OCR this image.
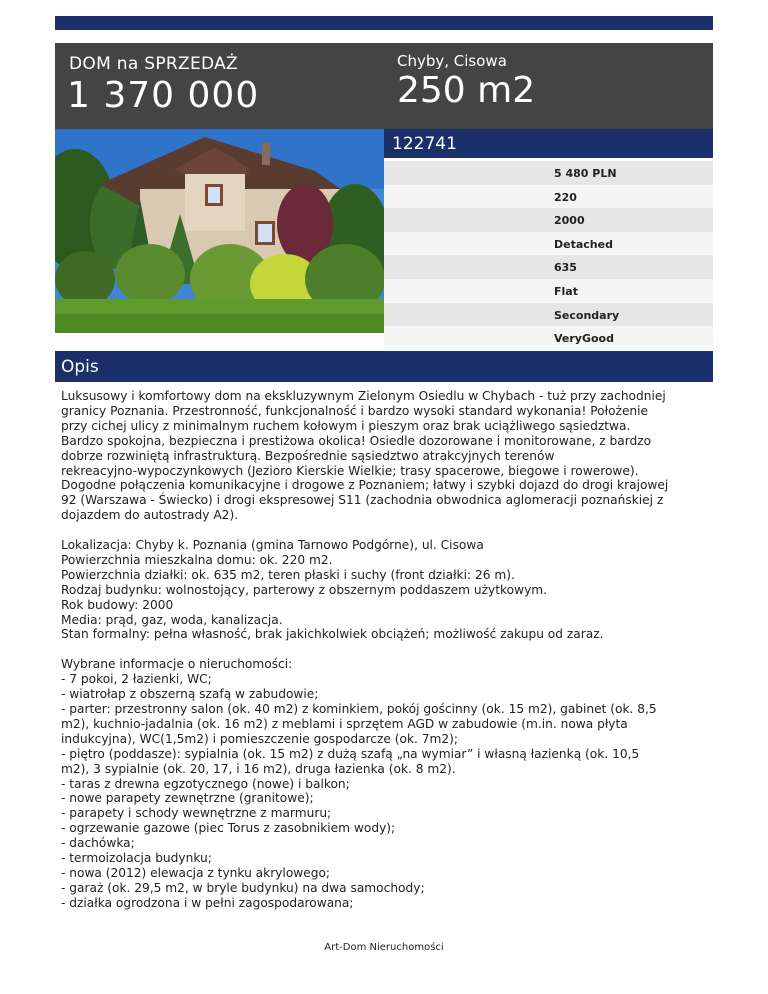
DOM na SPRZEDAŻ
1 370 000
Chyby, Cisowa
250 m2
122741
5 480 PLN
220
2000
Detached
635
Flat
Secondary
VeryGood
Opis

Luksusowy i komfortowy dom na ekskluzywnym Zielonym Osiedlu w Chybach - tuż przy zachodniej

granicy Poznania. Przestronność, funkcjonalność i bardzo wysoki standard wykonania! Położenie

przy cichej ulicy z minimalnym ruchem kołowym i pieszym oraz brak uciążliwego sąsiedztwa.

Bardzo spokojna, bezpieczna i prestiżowa okolica! Osiedle dozorowane i monitorowane, z bardzo

dobrze rozwiniętą infrastrukturą. Bezpośrednie sąsiedztwo atrakcyjnych terenów

rekreacyjno-wypoczynkowych (Jezioro Kierskie Wielkie; trasy spacerowe, biegowe i rowerowe).

Dogodne połączenia komunikacyjne i drogowe z Poznaniem; łatwy i szybki dojazd do drogi krajowej

92 (Warszawa - Świecko) i drogi ekspresowej S11 (zachodnia obwodnica aglomeracji poznańskiej z

dojazdem do autostrady A2).

Lokalizacja: Chyby k. Poznania (gmina Tarnowo Podgórne), ul. Cisowa

Powierzchnia mieszkalna domu: ok. 220 m2.

Powierzchnia działki: ok. 635 m2, teren płaski i suchy (front działki: 26 m).

Rodzaj budynku: wolnostojący, parterowy z obszernym poddaszem użytkowym.

Rok budowy: 2000

Media: prąd, gaz, woda, kanalizacja.

Stan formalny: pełna własność, brak jakichkolwiek obciążeń; możliwość zakupu od zaraz.

Wybrane informacje o nieruchomości:

- 7 pokoi, 2 łazienki, WC;

- wiatrołap z obszerną szafą w zabudowie;

- parter: przestronny salon (ok. 40 m2) z kominkiem, pokój gościnny (ok. 15 m2), gabinet (ok. 8,5

m2), kuchnio-jadalnia (ok. 16 m2) z meblami i sprzętem AGD w zabudowie (m.in. nowa płyta

indukcyjna), WC(1,5m2) i pomieszczenie gospodarcze (ok. 7m2);

- piętro (poddasze): sypialnia (ok. 15 m2) z dużą szafą „na wymiar” i własną łazienką (ok. 10,5

m2), 3 sypialnie (ok. 20, 17, i 16 m2), druga łazienka (ok. 8 m2).

- taras z drewna egzotycznego (nowe) i balkon;

- nowe parapety zewnętrzne (granitowe);

- parapety i schody wewnętrzne z marmuru;

- ogrzewanie gazowe (piec Torus z zasobnikiem wody);

- dachówka;

- termoizolacja budynku;

- nowa (2012) elewacja z tynku akrylowego;

- garaż (ok. 29,5 m2, w bryle budynku) na dwa samochody;

- działka ogrodzona i w pełni zagospodarowana;

Art-Dom Nieruchomości
